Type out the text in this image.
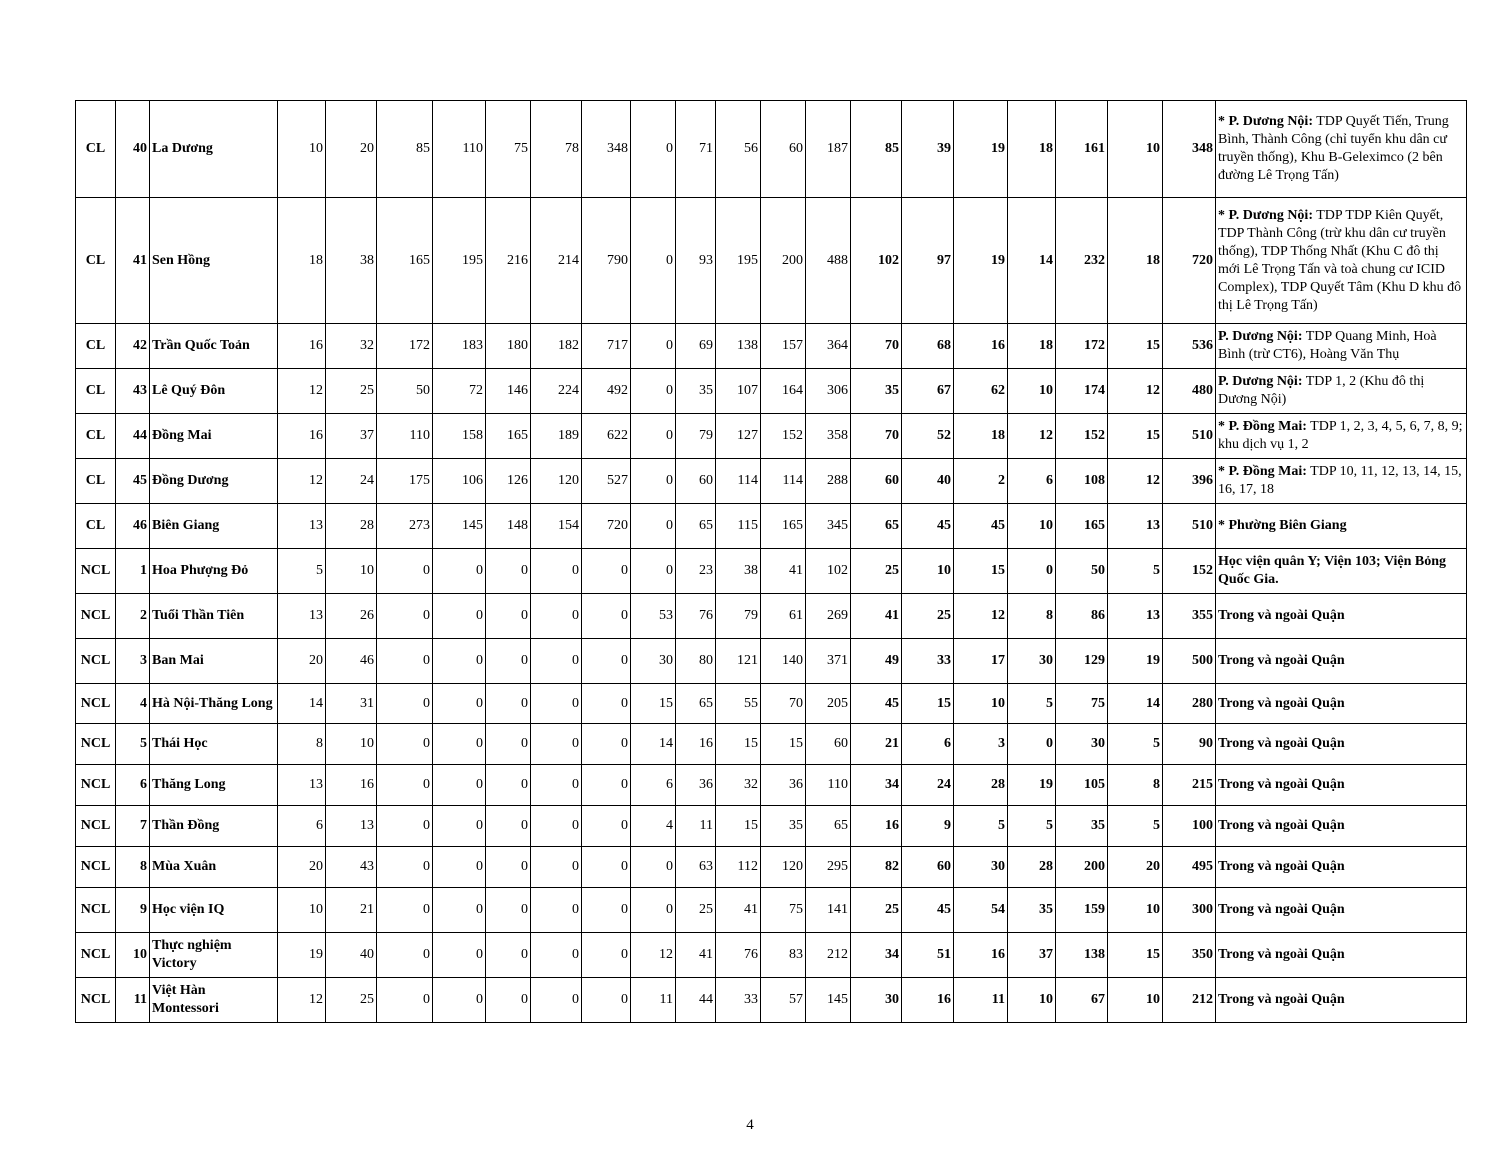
CL	40	La Dương	10	20	85	110	75	78	348	0	71	56	60	187	85	39	19	18	161	10	348	* P. Dương Nội: TDP Quyết Tiến, Trung Bình, Thành Công (chỉ tuyển khu dân cư truyền thống), Khu B-Geleximco (2 bên đường Lê Trọng Tấn)

CL	41	Sen Hồng	18	38	165	195	216	214	790	0	93	195	200	488	102	97	19	14	232	18	720	* P. Dương Nội: TDP TDP Kiên Quyết, TDP Thành Công (trừ khu dân cư truyền thống), TDP Thống Nhất (Khu C đô thị mới Lê Trọng Tấn và toà chung cư ICID Complex), TDP Quyết Tâm (Khu D khu đô thị Lê Trọng Tấn)

CL	42	Trần Quốc Toản	16	32	172	183	180	182	717	0	69	138	157	364	70	68	16	18	172	15	536	P. Dương Nội: TDP Quang Minh, Hoà Bình (trừ CT6), Hoàng Văn Thụ

CL	43	Lê Quý Đôn	12	25	50	72	146	224	492	0	35	107	164	306	35	67	62	10	174	12	480	P. Dương Nội: TDP 1, 2 (Khu đô thị Dương Nội)

CL	44	Đồng Mai	16	37	110	158	165	189	622	0	79	127	152	358	70	52	18	12	152	15	510	* P. Đồng Mai: TDP 1, 2, 3, 4, 5, 6, 7, 8, 9; khu dịch vụ 1, 2

CL	45	Đồng Dương	12	24	175	106	126	120	527	0	60	114	114	288	60	40	2	6	108	12	396	* P. Đồng Mai: TDP 10, 11, 12, 13, 14, 15, 16, 17, 18

CL	46	Biên Giang	13	28	273	145	148	154	720	0	65	115	165	345	65	45	45	10	165	13	510	* Phường Biên Giang

NCL	1	Hoa Phượng Đỏ	5	10	0	0	0	0	0	0	23	38	41	102	25	10	15	0	50	5	152	Học viện quân Y; Viện 103; Viện Bỏng Quốc Gia.

NCL	2	Tuổi Thần Tiên	13	26	0	0	0	0	0	53	76	79	61	269	41	25	12	8	86	13	355	Trong và ngoài Quận

NCL	3	Ban Mai	20	46	0	0	0	0	0	30	80	121	140	371	49	33	17	30	129	19	500	Trong và ngoài Quận

NCL	4	Hà Nội-Thăng Long	14	31	0	0	0	0	0	15	65	55	70	205	45	15	10	5	75	14	280	Trong và ngoài Quận

NCL	5	Thái Học	8	10	0	0	0	0	0	14	16	15	15	60	21	6	3	0	30	5	90	Trong và ngoài Quận

NCL	6	Thăng Long	13	16	0	0	0	0	0	6	36	32	36	110	34	24	28	19	105	8	215	Trong và ngoài Quận

NCL	7	Thần Đồng	6	13	0	0	0	0	0	4	11	15	35	65	16	9	5	5	35	5	100	Trong và ngoài Quận

NCL	8	Mùa Xuân	20	43	0	0	0	0	0	0	63	112	120	295	82	60	30	28	200	20	495	Trong và ngoài Quận

NCL	9	Học viện IQ	10	21	0	0	0	0	0	0	25	41	75	141	25	45	54	35	159	10	300	Trong và ngoài Quận

NCL	10	Thực nghiệm Victory	19	40	0	0	0	0	0	12	41	76	83	212	34	51	16	37	138	15	350	Trong và ngoài Quận

NCL	11	Việt Hàn Montessori	12	25	0	0	0	0	0	11	44	33	57	145	30	16	11	10	67	10	212	Trong và ngoài Quận
4
